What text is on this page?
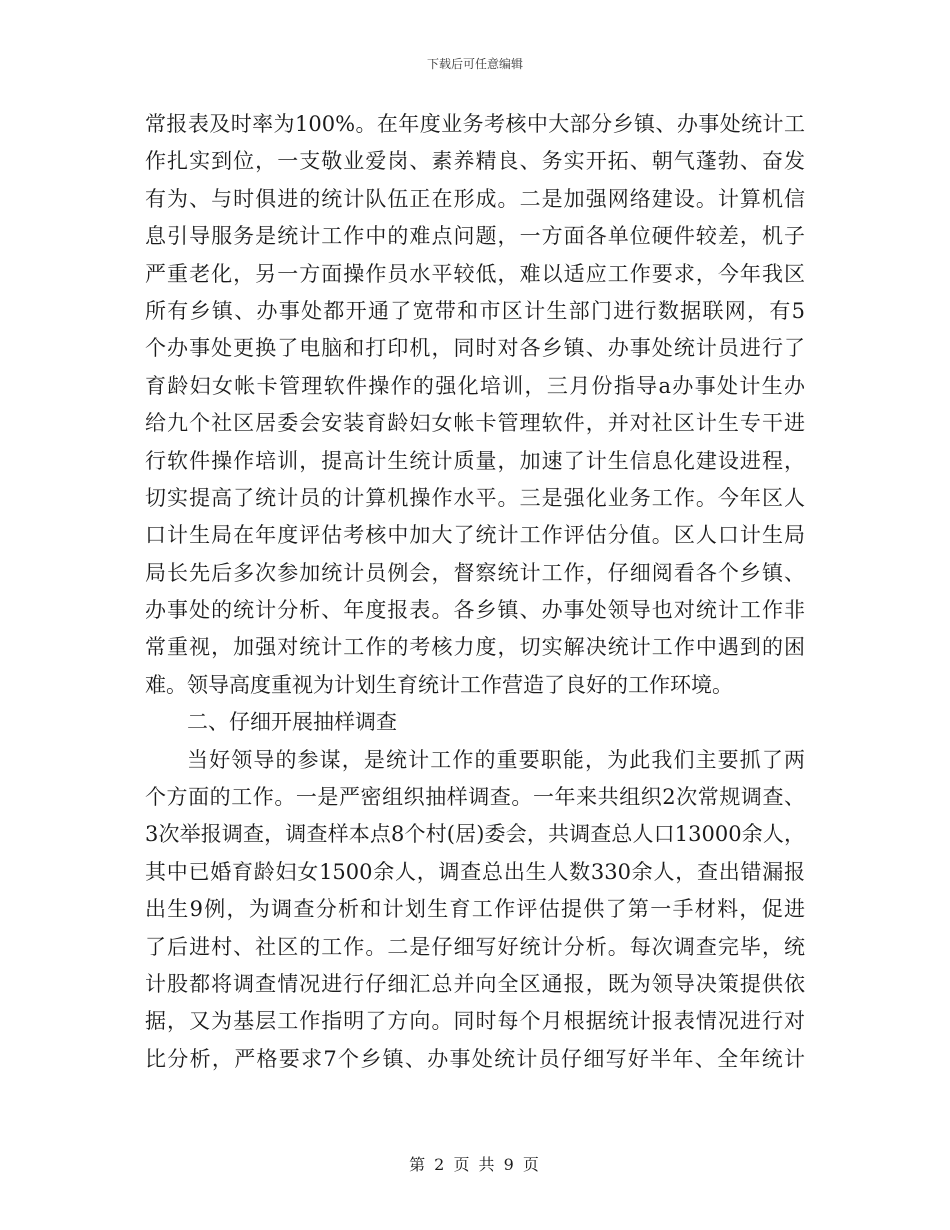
下载后可任意编辑
常报表及时率为100%。在年度业务考核中大部分乡镇、办事处统计工
作扎实到位，一支敬业爱岗、素养精良、务实开拓、朝气蓬勃、奋发
有为、与时俱进的统计队伍正在形成。二是加强网络建设。计算机信
息引导服务是统计工作中的难点问题，一方面各单位硬件较差，机子
严重老化，另一方面操作员水平较低，难以适应工作要求，今年我区
所有乡镇、办事处都开通了宽带和市区计生部门进行数据联网，有5
个办事处更换了电脑和打印机，同时对各乡镇、办事处统计员进行了
育龄妇女帐卡管理软件操作的强化培训，三月份指导a办事处计生办
给九个社区居委会安装育龄妇女帐卡管理软件，并对社区计生专干进
行软件操作培训，提高计生统计质量，加速了计生信息化建设进程，
切实提高了统计员的计算机操作水平。三是强化业务工作。今年区人
口计生局在年度评估考核中加大了统计工作评估分值。区人口计生局
局长先后多次参加统计员例会，督察统计工作，仔细阅看各个乡镇、
办事处的统计分析、年度报表。各乡镇、办事处领导也对统计工作非
常重视，加强对统计工作的考核力度，切实解决统计工作中遇到的困
难。领导高度重视为计划生育统计工作营造了良好的工作环境。
二、仔细开展抽样调查
当好领导的参谋，是统计工作的重要职能，为此我们主要抓了两
个方面的工作。一是严密组织抽样调查。一年来共组织2次常规调查、
3次举报调查，调查样本点8个村(居)委会，共调查总人口13000余人，
其中已婚育龄妇女1500余人，调查总出生人数330余人，查出错漏报
出生9例，为调查分析和计划生育工作评估提供了第一手材料，促进
了后进村、社区的工作。二是仔细写好统计分析。每次调查完毕，统
计股都将调查情况进行仔细汇总并向全区通报，既为领导决策提供依
据，又为基层工作指明了方向。同时每个月根据统计报表情况进行对
比分析，严格要求7个乡镇、办事处统计员仔细写好半年、全年统计
第 2 页 共 9 页
